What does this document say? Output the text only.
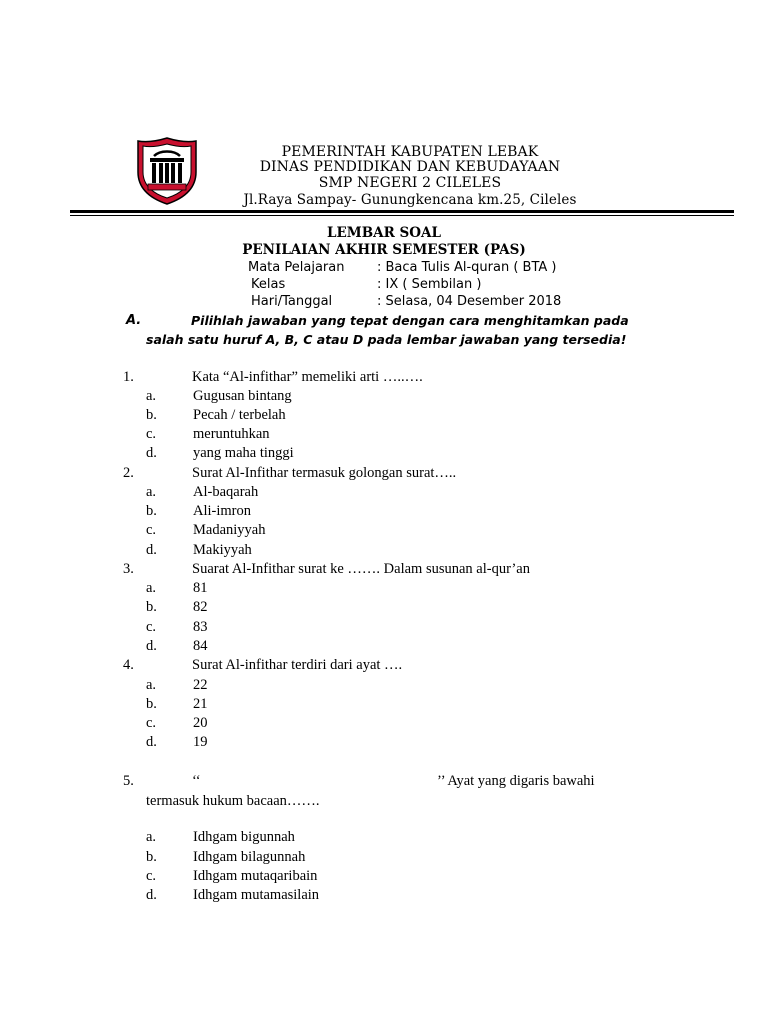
PEMERINTAH KABUPATEN LEBAK
DINAS PENDIDIKAN DAN KEBUDAYAAN
SMP NEGERI 2 CILELES
Jl.Raya Sampay- Gunungkencana km.25, Cileles
LEMBAR SOAL
PENILAIAN AKHIR SEMESTER (PAS)
Mata Pelajaran	: Baca Tulis Al-quran ( BTA )
Kelas	: IX ( Sembilan )
Hari/Tanggal	: Selasa, 04 Desember 2018
A.	Pilihlah jawaban yang tepat dengan cara menghitamkan pada
salah satu huruf A, B, C atau D pada lembar jawaban yang tersedia!
1.	Kata “Al-infithar” memeliki arti …..….
a.	Gugusan bintang
b. Pecah / terbelah
c.	meruntuhkan
d. yang maha tinggi
2.	Surat Al-Infithar termasuk golongan surat…..
a.	Al-baqarah
b. Ali-imron
c.	Madaniyyah
d. Makiyyah
3.	Suarat Al-Infithar surat ke ……. Dalam susunan al-qur’an
a.	81
b. 82
c.	83
d. 84
4.	Surat Al-infithar terdiri dari ayat ….
a.	22
b. 21
c.	20
d. 19
5.	‘‘	’’ Ayat yang digaris bawahi
termasuk hukum bacaan…….
a.	Idhgam bigunnah
b. Idhgam bilagunnah
c.	Idhgam mutaqaribain
d. Idhgam mutamasilain
